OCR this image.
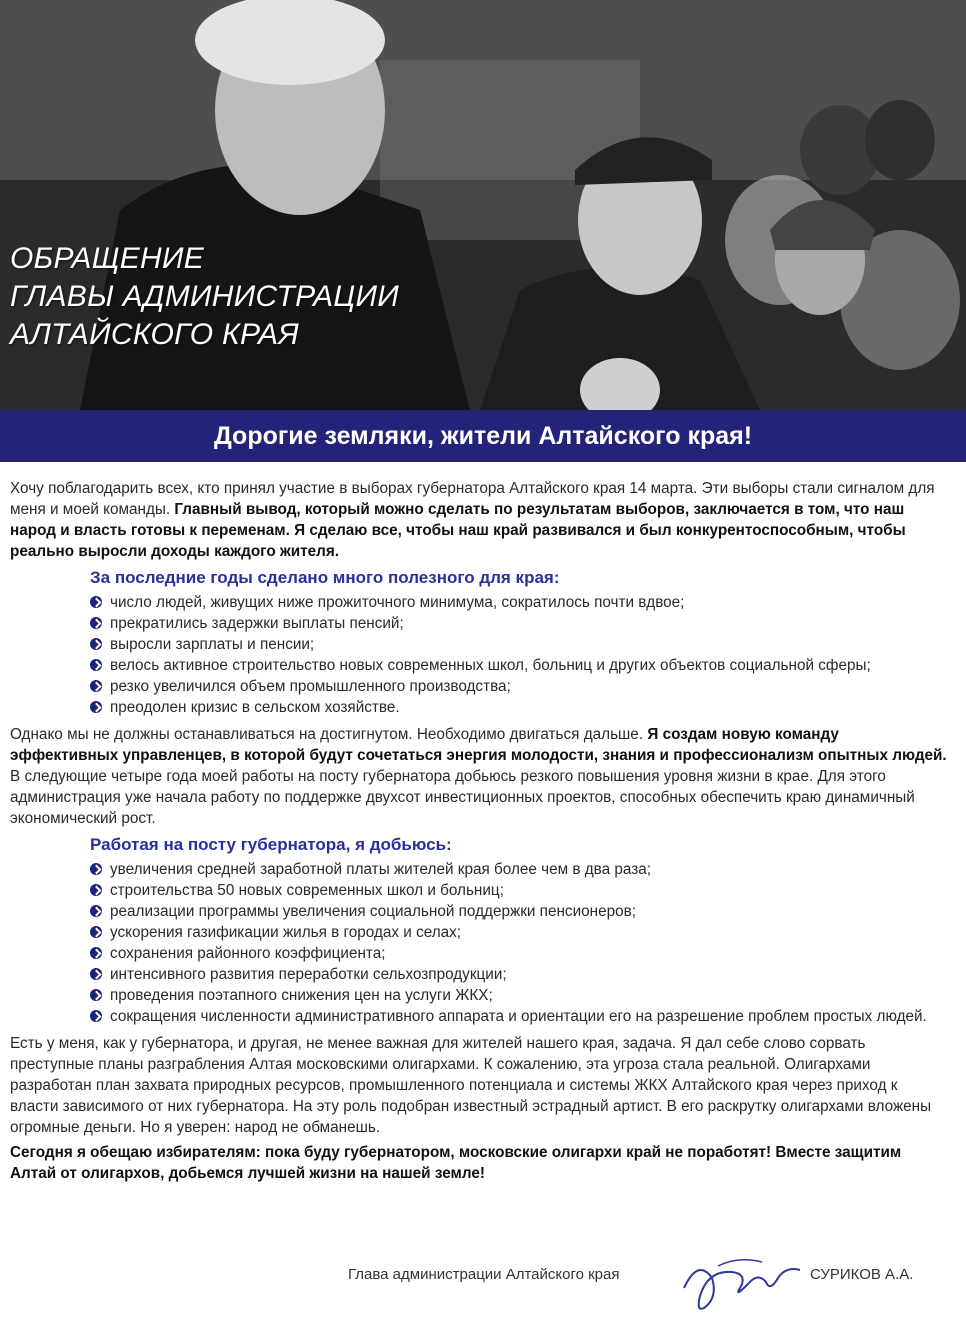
ОБРАЩЕНИЕ
ГЛАВЫ АДМИНИСТРАЦИИ
АЛТАЙСКОГО КРАЯ
Дорогие земляки, жители Алтайского края!

Хочу поблагодарить всех, кто принял участие в выборах губернатора Алтайского края 14 марта. Эти выборы стали сигналом для меня и моей команды. Главный вывод, который можно сделать по результатам выборов, заключается в том, что наш народ и власть готовы к переменам. Я сделаю все, чтобы наш край развивался и был конкурентоспособным, чтобы реально выросли доходы каждого жителя.

За последние годы сделано много полезного для края:
число людей, живущих ниже прожиточного минимума, сократилось почти вдвое;
прекратились задержки выплаты пенсий;
выросли зарплаты и пенсии;
велось активное строительство новых современных школ, больниц и других объектов социальной сферы;
резко увеличился объем промышленного производства;
преодолен кризис в сельском хозяйстве.

Однако мы не должны останавливаться на достигнутом. Необходимо двигаться дальше. Я создам новую команду эффективных управленцев, в которой будут сочетаться энергия молодости, знания и профессионализм опытных людей. В следующие четыре года моей работы на посту губернатора добьюсь резкого повышения уровня жизни в крае. Для этого администрация уже начала работу по поддержке двухсот инвестиционных проектов, способных обеспечить краю динамичный экономический рост.

Работая на посту губернатора, я добьюсь:
увеличения средней заработной платы жителей края более чем в два раза;
строительства 50 новых современных школ и больниц;
реализации программы увеличения социальной поддержки пенсионеров;
ускорения газификации жилья в городах и селах;
сохранения районного коэффициента;
интенсивного развития переработки сельхозпродукции;
проведения поэтапного снижения цен на услуги ЖКХ;
сокращения численности административного аппарата и ориентации его на разрешение проблем простых людей.

Есть у меня, как у губернатора, и другая, не менее важная для жителей нашего края, задача. Я дал себе слово сорвать преступные планы разграбления Алтая московскими олигархами. К сожалению, эта угроза стала реальной. Олигархами разработан план захвата природных ресурсов, промышленного потенциала и системы ЖКХ Алтайского края через приход к власти зависимого от них губернатора. На эту роль подобран известный эстрадный артист. В его раскрутку олигархами вложены огромные деньги. Но я уверен: народ не обманешь.

Сегодня я обещаю избирателям: пока буду губернатором, московские олигархи край не поработят! Вместе защитим Алтай от олигархов, добьемся лучшей жизни на нашей земле!

Глава администрации Алтайского края	СУРИКОВ А.А.
